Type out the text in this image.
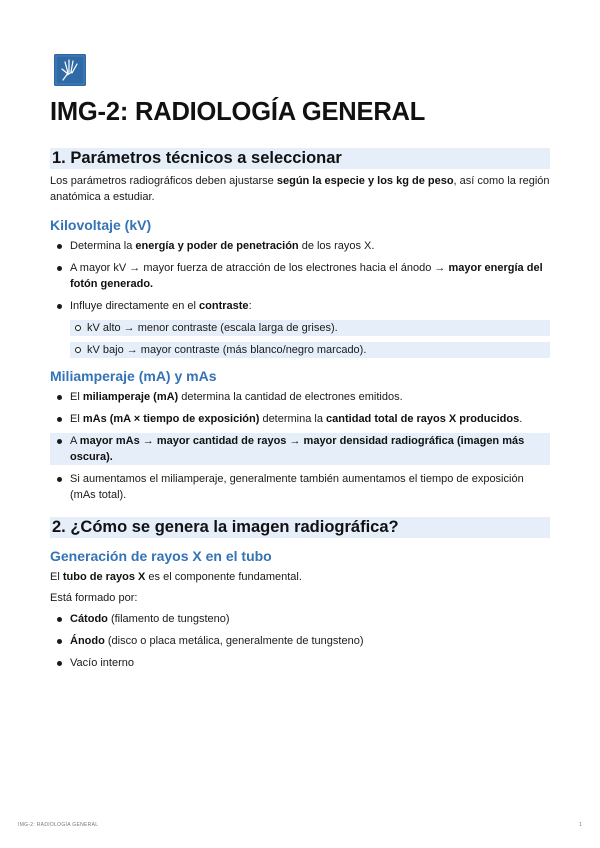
IMG-2: RADIOLOGÍA GENERAL
1. Parámetros técnicos a seleccionar

Los parámetros radiográficos deben ajustarse según la especie y los kg de peso, así como la región anatómica a estudiar.

Kilovoltaje (kV)
Determina la energía y poder de penetración de los rayos X.
A mayor kV → mayor fuerza de atracción de los electrones hacia el ánodo → mayor energía del fotón generado.
Influye directamente en el contraste:
kV alto → menor contraste (escala larga de grises).
kV bajo → mayor contraste (más blanco/negro marcado).
Miliamperaje (mA) y mAs
El miliamperaje (mA) determina la cantidad de electrones emitidos.
El mAs (mA × tiempo de exposición) determina la cantidad total de rayos X producidos.
A mayor mAs → mayor cantidad de rayos → mayor densidad radiográfica (imagen más oscura).
Si aumentamos el miliamperaje, generalmente también aumentamos el tiempo de exposición (mAs total).
2. ¿Cómo se genera la imagen radiográfica?
Generación de rayos X en el tubo

El tubo de rayos X es el componente fundamental.

Está formado por:

Cátodo (filamento de tungsteno)
Ánodo (disco o placa metálica, generalmente de tungsteno)
Vacío interno
IMG-2: RADIOLOGÍA GENERAL	1
